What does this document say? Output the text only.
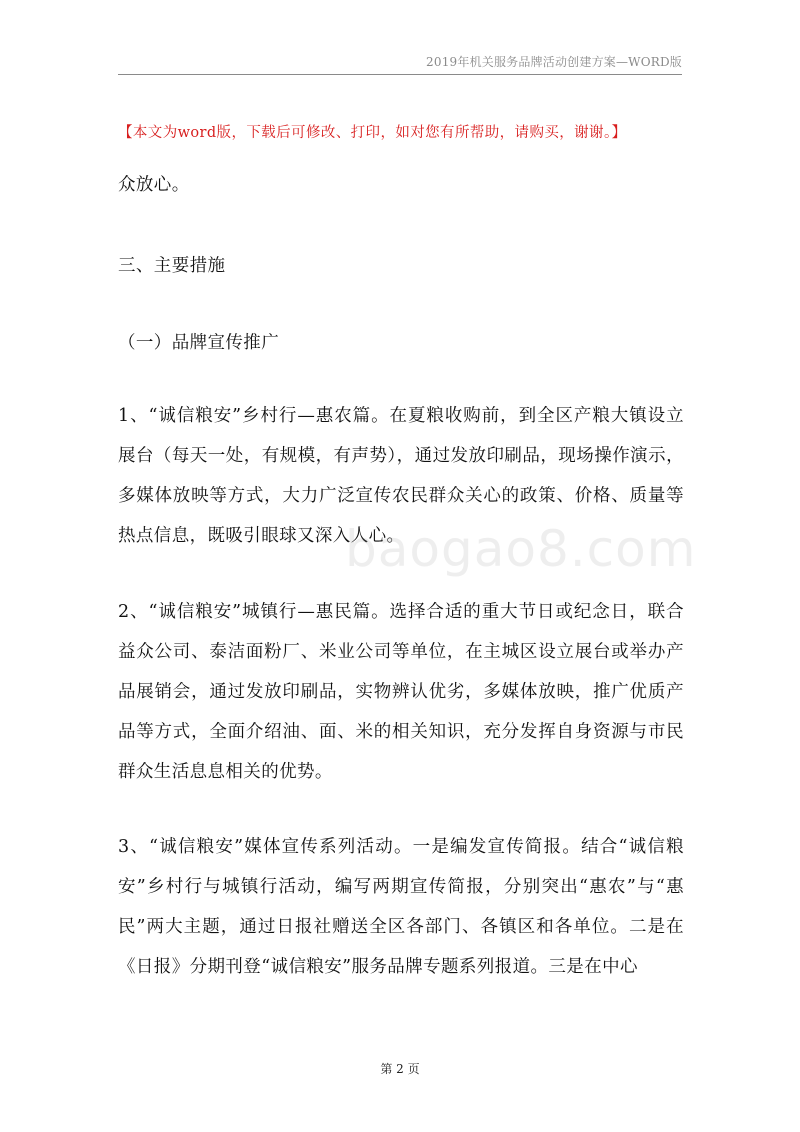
2019年机关服务品牌活动创建方案—WORD版
【本文为word版，下载后可修改、打印，如对您有所帮助，请购买，谢谢。】

众放心。

三、主要措施

（一）品牌宣传推广

1、“诚信粮安”乡村行—惠农篇。在夏粮收购前，到全区产粮大镇设立展台（每天一处，有规模，有声势），通过发放印刷品，现场操作演示，多媒体放映等方式，大力广泛宣传农民群众关心的政策、价格、质量等热点信息，既吸引眼球又深入人心。

2、“诚信粮安”城镇行—惠民篇。选择合适的重大节日或纪念日，联合益众公司、泰洁面粉厂、米业公司等单位，在主城区设立展台或举办产品展销会，通过发放印刷品，实物辨认优劣，多媒体放映，推广优质产品等方式，全面介绍油、面、米的相关知识，充分发挥自身资源与市民群众生活息息相关的优势。

3、“诚信粮安”媒体宣传系列活动。一是编发宣传简报。结合“诚信粮安”乡村行与城镇行活动，编写两期宣传简报，分别突出“惠农”与“惠民”两大主题，通过日报社赠送全区各部门、各镇区和各单位。二是在《日报》分期刊登“诚信粮安”服务品牌专题系列报道。三是在中心

baogao8.com
第 2 页
